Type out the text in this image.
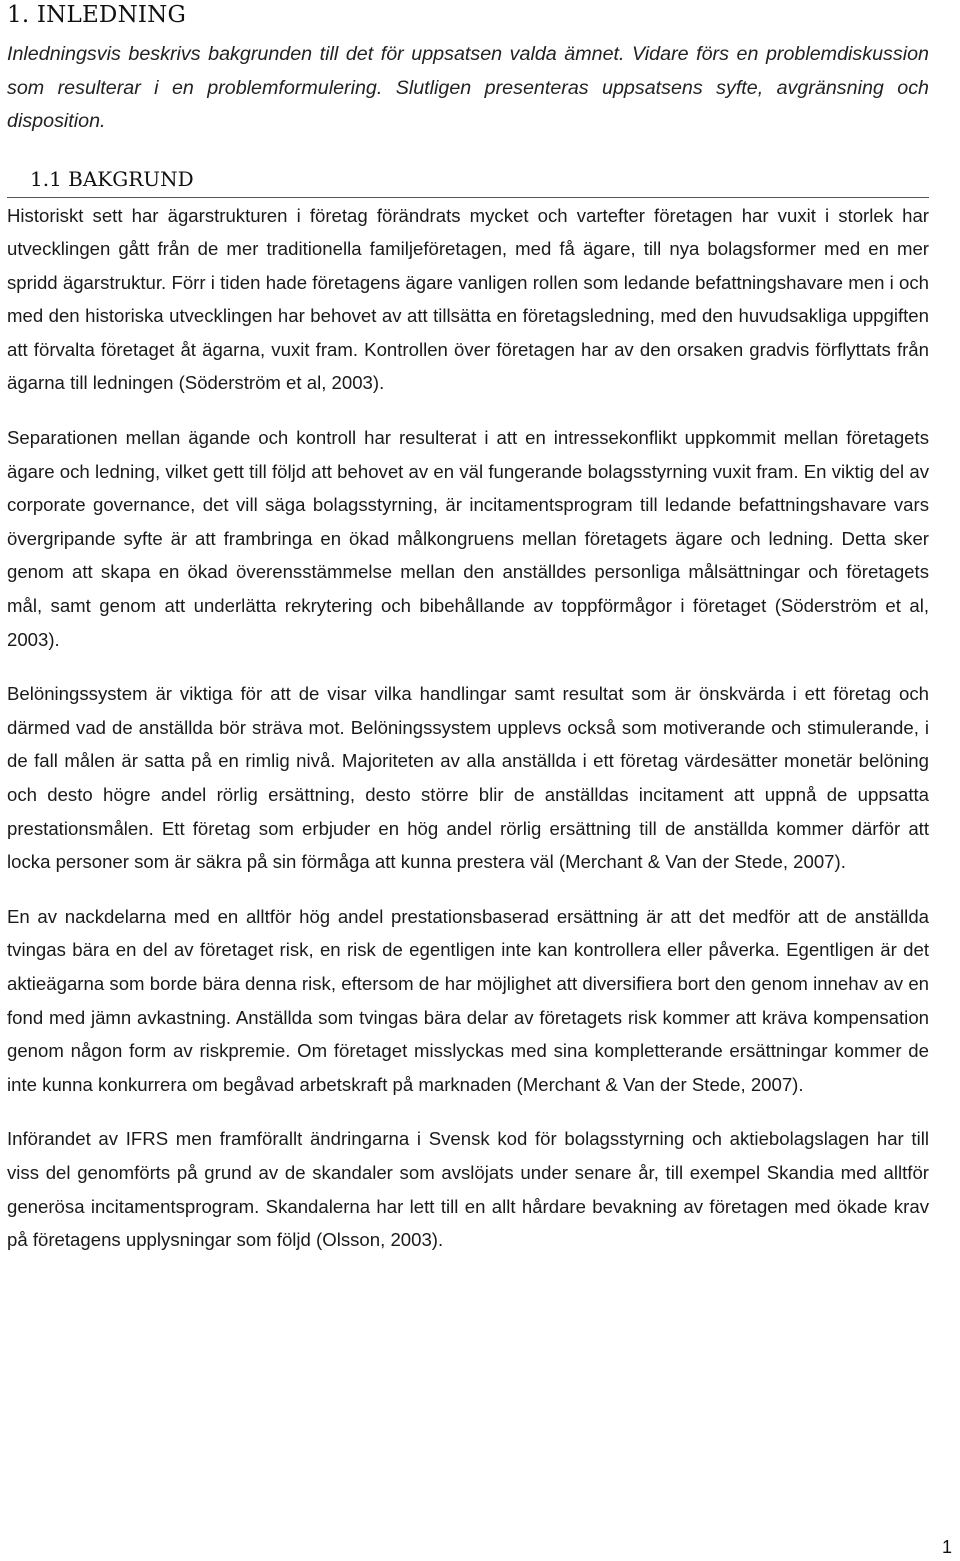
1. INLEDNING

Inledningsvis beskrivs bakgrunden till det för uppsatsen valda ämnet. Vidare förs en problemdiskussion som resulterar i en problemformulering. Slutligen presenteras uppsatsens syfte, avgränsning och disposition.

1.1 BAKGRUND

Historiskt sett har ägarstrukturen i företag förändrats mycket och vartefter företagen har vuxit i storlek har utvecklingen gått från de mer traditionella familjeföretagen, med få ägare, till nya bolagsformer med en mer spridd ägarstruktur. Förr i tiden hade företagens ägare vanligen rollen som ledande befattningshavare men i och med den historiska utvecklingen har behovet av att tillsätta en företagsledning, med den huvudsakliga uppgiften att förvalta företaget åt ägarna, vuxit fram. Kontrollen över företagen har av den orsaken gradvis förflyttats från ägarna till ledningen (Söderström et al, 2003).

Separationen mellan ägande och kontroll har resulterat i att en intressekonflikt uppkommit mellan företagets ägare och ledning, vilket gett till följd att behovet av en väl fungerande bolagsstyrning vuxit fram. En viktig del av corporate governance, det vill säga bolagsstyrning, är incitamentsprogram till ledande befattningshavare vars övergripande syfte är att frambringa en ökad målkongruens mellan företagets ägare och ledning. Detta sker genom att skapa en ökad överensstämmelse mellan den anställdes personliga målsättningar och företagets mål, samt genom att underlätta rekrytering och bibehållande av toppförmågor i företaget (Söderström et al, 2003).

Belöningssystem är viktiga för att de visar vilka handlingar samt resultat som är önskvärda i ett företag och därmed vad de anställda bör sträva mot. Belöningssystem upplevs också som motiverande och stimulerande, i de fall målen är satta på en rimlig nivå. Majoriteten av alla anställda i ett företag värdesätter monetär belöning och desto högre andel rörlig ersättning, desto större blir de anställdas incitament att uppnå de uppsatta prestationsmålen. Ett företag som erbjuder en hög andel rörlig ersättning till de anställda kommer därför att locka personer som är säkra på sin förmåga att kunna prestera väl (Merchant & Van der Stede, 2007).

En av nackdelarna med en alltför hög andel prestationsbaserad ersättning är att det medför att de anställda tvingas bära en del av företaget risk, en risk de egentligen inte kan kontrollera eller påverka. Egentligen är det aktieägarna som borde bära denna risk, eftersom de har möjlighet att diversifiera bort den genom innehav av en fond med jämn avkastning. Anställda som tvingas bära delar av företagets risk kommer att kräva kompensation genom någon form av riskpremie. Om företaget misslyckas med sina kompletterande ersättningar kommer de inte kunna konkurrera om begåvad arbetskraft på marknaden (Merchant & Van der Stede, 2007).

Införandet av IFRS men framförallt ändringarna i Svensk kod för bolagsstyrning och aktiebolagslagen har till viss del genomförts på grund av de skandaler som avslöjats under senare år, till exempel Skandia med alltför generösa incitamentsprogram. Skandalerna har lett till en allt hårdare bevakning av företagen med ökade krav på företagens upplysningar som följd (Olsson, 2003).

1
